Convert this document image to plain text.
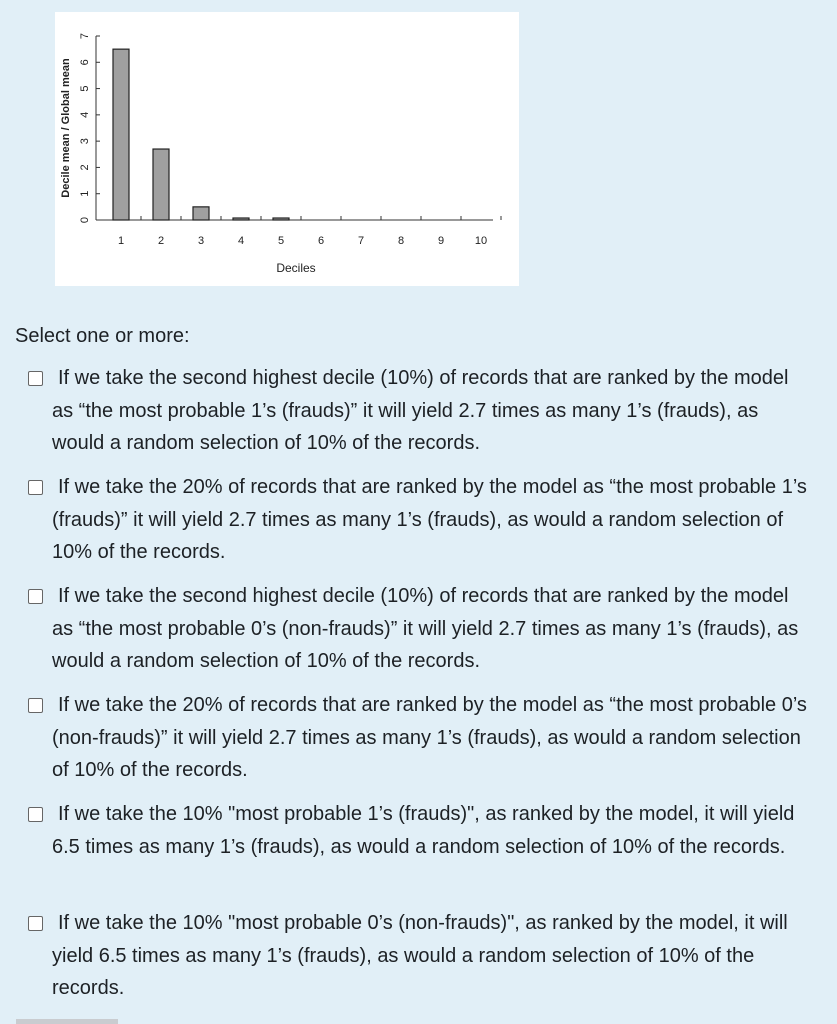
0
1
2
3
4
5
6
7
Decile mean / Global mean
1	2	3	4	5	6	7	8	9	10
Deciles
Select one or more:
If we take the second highest decile (10%) of records that are ranked by the model as “the most probable 1’s (frauds)” it will yield 2.7 times as many 1’s (frauds), as would a random selection of 10% of the records.
If we take the 20% of records that are ranked by the model as “the most probable 1’s (frauds)” it will yield 2.7 times as many 1’s (frauds), as would a random selection of 10% of the records.
If we take the second highest decile (10%) of records that are ranked by the model as “the most probable 0’s (non-frauds)” it will yield 2.7 times as many 1’s (frauds), as would a random selection of 10% of the records.
If we take the 20% of records that are ranked by the model as “the most probable 0’s (non-frauds)” it will yield 2.7 times as many 1’s (frauds), as would a random selection of 10% of the records.
If we take the 10% "most probable 1’s (frauds)", as ranked by the model, it will yield 6.5 times as many 1’s (frauds), as would a random selection of 10% of the records.
If we take the 10% "most probable 0’s (non-frauds)", as ranked by the model, it will yield 6.5 times as many 1’s (frauds), as would a random selection of 10% of the records.
